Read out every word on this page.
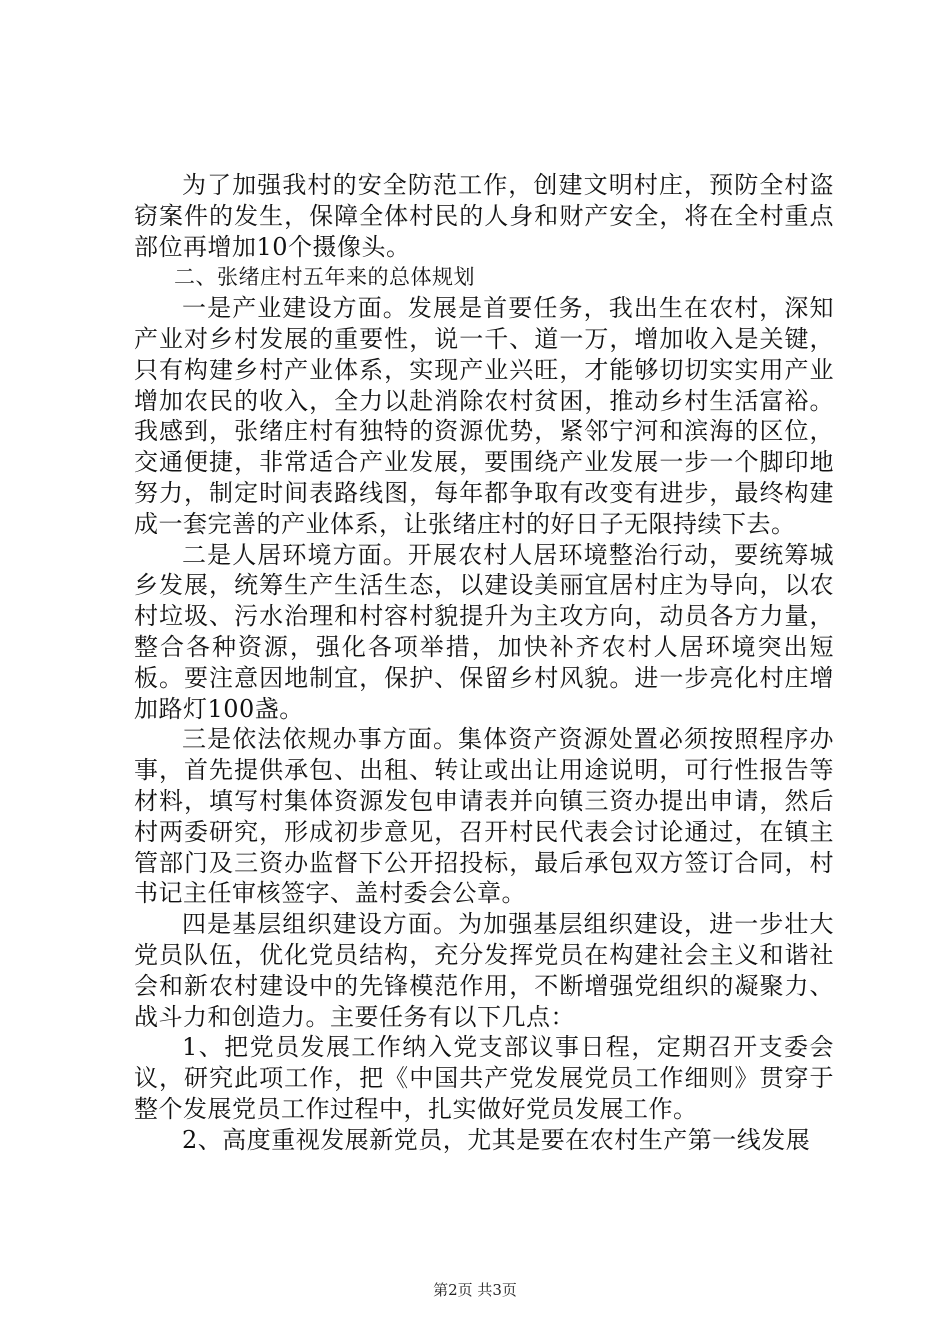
为了加强我村的安全防范工作，创建文明村庄，预防全村盗窃案件的发生，保障全体村民的人身和财产安全，将在全村重点部位再增加10个摄像头。

二、张绪庄村五年来的总体规划

一是产业建设方面。发展是首要任务，我出生在农村，深知产业对乡村发展的重要性，说一千、道一万，增加收入是关键，只有构建乡村产业体系，实现产业兴旺，才能够切切实实用产业增加农民的收入，全力以赴消除农村贫困，推动乡村生活富裕。我感到，张绪庄村有独特的资源优势，紧邻宁河和滨海的区位，交通便捷，非常适合产业发展，要围绕产业发展一步一个脚印地努力，制定时间表路线图，每年都争取有改变有进步，最终构建成一套完善的产业体系，让张绪庄村的好日子无限持续下去。

二是人居环境方面。开展农村人居环境整治行动，要统筹城乡发展，统筹生产生活生态，以建设美丽宜居村庄为导向，以农村垃圾、污水治理和村容村貌提升为主攻方向，动员各方力量，整合各种资源，强化各项举措，加快补齐农村人居环境突出短板。要注意因地制宜，保护、保留乡村风貌。进一步亮化村庄增加路灯100盏。

三是依法依规办事方面。集体资产资源处置必须按照程序办事，首先提供承包、出租、转让或出让用途说明，可行性报告等材料，填写村集体资源发包申请表并向镇三资办提出申请，然后村两委研究，形成初步意见，召开村民代表会讨论通过，在镇主管部门及三资办监督下公开招投标，最后承包双方签订合同，村书记主任审核签字、盖村委会公章。

四是基层组织建设方面。为加强基层组织建设，进一步壮大党员队伍，优化党员结构，充分发挥党员在构建社会主义和谐社会和新农村建设中的先锋模范作用，不断增强党组织的凝聚力、战斗力和创造力。主要任务有以下几点：

1、把党员发展工作纳入党支部议事日程，定期召开支委会议，研究此项工作，把《中国共产党发展党员工作细则》贯穿于整个发展党员工作过程中，扎实做好党员发展工作。

2、高度重视发展新党员，尤其是要在农村生产第一线发展

第2页 共3页
